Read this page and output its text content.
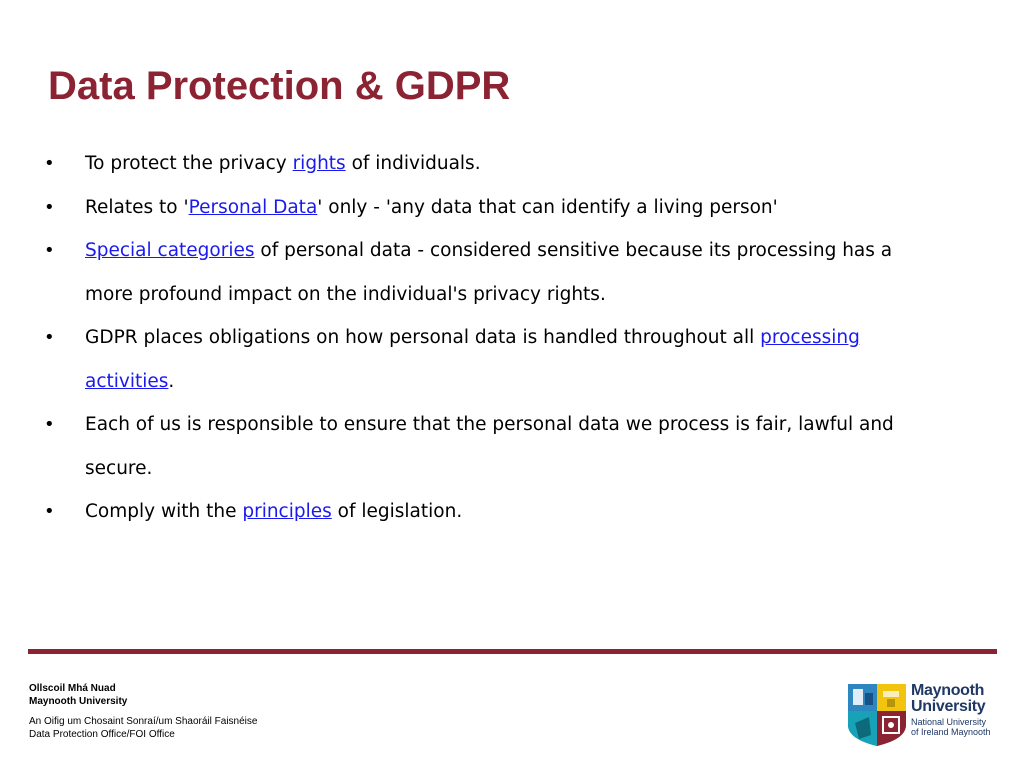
Data Protection & GDPR
• To protect the privacy rights of individuals.
• Relates to 'Personal Data' only - 'any data that can identify a living person'
• Special categories of personal data - considered sensitive because its processing has a more profound impact on the individual's privacy rights.
• GDPR places obligations on how personal data is handled throughout all processing activities.
• Each of us is responsible to ensure that the personal data we process is fair, lawful and secure.
• Comply with the principles of legislation.
Ollscoil Mhá Nuad
Maynooth University
An Oifig um Chosaint Sonraí/um Shaoráil Faisnéise
Data Protection Office/FOI Office
Maynooth
University
National University
of Ireland Maynooth
